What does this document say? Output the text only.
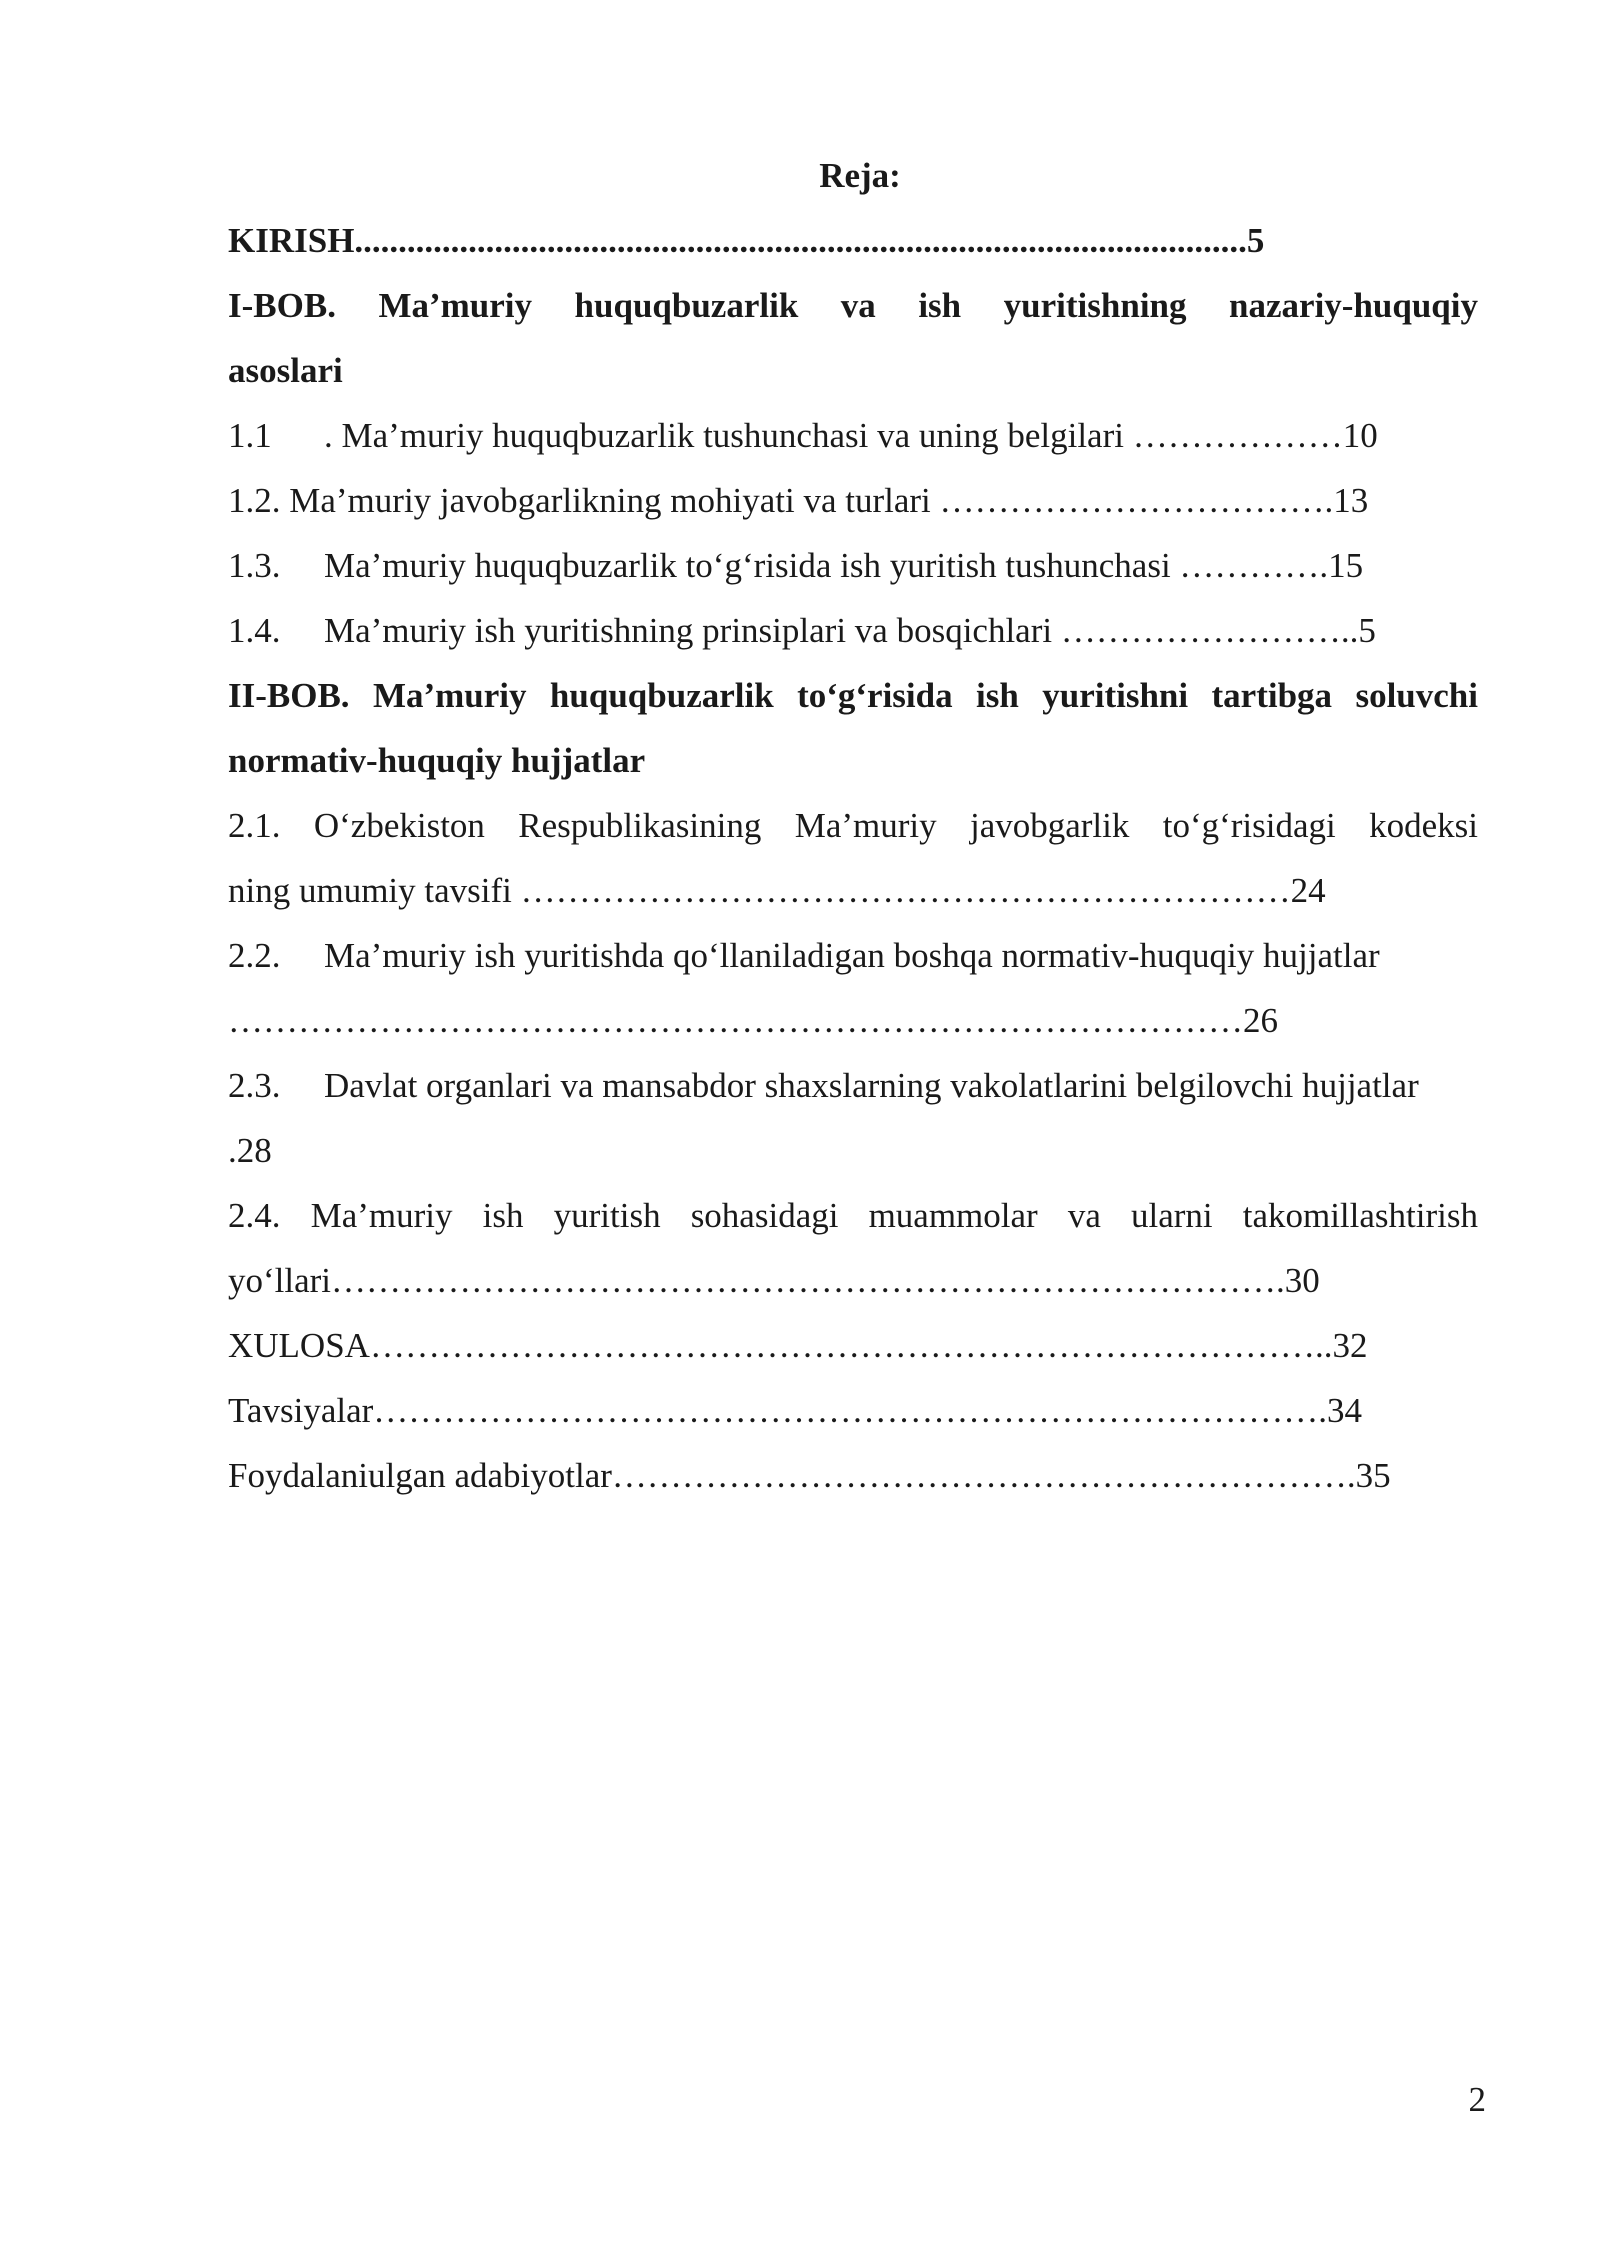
Reja:
KIRISH......................................................................................................5
I-BOB. Ma’muriy huquqbuzarlik va ish yuritishning nazariy-huquqiy
asoslari
1.1 . Ma’muriy huquqbuzarlik tushunchasi va uning belgilari ………………10
1.2. Ma’muriy javobgarlikning mohiyati va turlari …………………………….13
1.3. Ma’muriy huquqbuzarlik to‘g‘risida ish yuritish tushunchasi ………….15
1.4. Ma’muriy ish yuritishning prinsiplari va bosqichlari ……………………..5
II-BOB. Ma’muriy huquqbuzarlik to‘g‘risida ish yuritishni tartibga soluvchi
normativ-huquqiy hujjatlar
2.1. O‘zbekiston Respublikasining Ma’muriy javobgarlik to‘g‘risidagi kodeksi
ning umumiy tavsifi …………………………………………………………24
2.2. Ma’muriy ish yuritishda qo‘llaniladigan boshqa normativ-huquqiy hujjatlar
……………………………………………………………………………26
2.3. Davlat organlari va mansabdor shaxslarning vakolatlarini belgilovchi hujjatlar
.28
2.4. Ma’muriy ish yuritish sohasidagi muammolar va ularni takomillashtirish
yo‘llari……………………………………………………………………….30
XULOSA………………………………………………………………………..32
Tavsiyalar……………………………………………………………………….34
Foydalaniulgan adabiyotlar……………………………………………………….35
2
